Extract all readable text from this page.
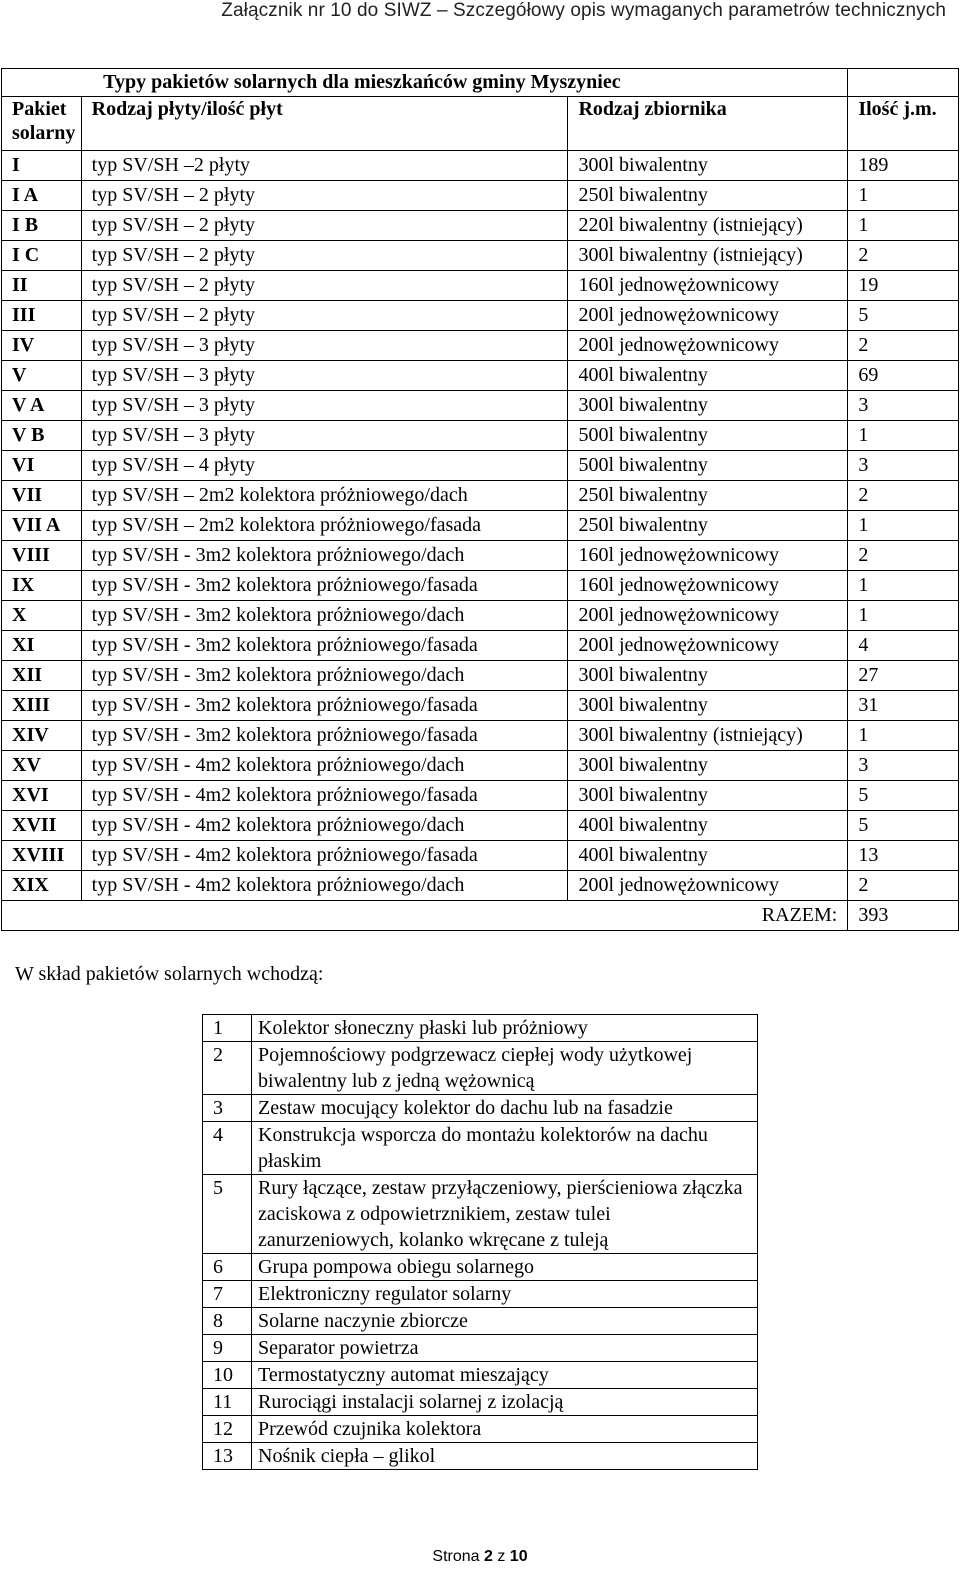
Załącznik nr 10 do SIWZ – Szczegółowy opis wymaganych parametrów technicznych
	Typy pakietów solarnych dla mieszkańców gminy Myszyniec		
Pakiet solarny	Rodzaj płyty/ilość płyt	Rodzaj zbiornika	Ilość j.m.
I	typ SV/SH –2 płyty	300l biwalentny	189
I A	typ SV/SH – 2 płyty	250l biwalentny	1
I B	typ SV/SH – 2 płyty	220l biwalentny (istniejący)	1
I C	typ SV/SH – 2 płyty	300l biwalentny (istniejący)	2
II	typ SV/SH – 2 płyty	160l jednowężownicowy	19
III	typ SV/SH – 2 płyty	200l jednowężownicowy	5
IV	typ SV/SH – 3 płyty	200l jednowężownicowy	2
V	typ SV/SH – 3 płyty	400l biwalentny	69
V A	typ SV/SH – 3 płyty	300l biwalentny	3
V B	typ SV/SH – 3 płyty	500l biwalentny	1
VI	typ SV/SH – 4 płyty	500l biwalentny	3
VII	typ SV/SH – 2m2 kolektora próżniowego/dach	250l biwalentny	2
VII A	typ SV/SH – 2m2 kolektora próżniowego/fasada	250l biwalentny	1
VIII	typ SV/SH - 3m2 kolektora próżniowego/dach	160l jednowężownicowy	2
IX	typ SV/SH - 3m2 kolektora próżniowego/fasada	160l jednowężownicowy	1
X	typ SV/SH - 3m2 kolektora próżniowego/dach	200l jednowężownicowy	1
XI	typ SV/SH - 3m2 kolektora próżniowego/fasada	200l jednowężownicowy	4
XII	typ SV/SH - 3m2 kolektora próżniowego/dach	300l biwalentny	27
XIII	typ SV/SH - 3m2 kolektora próżniowego/fasada	300l biwalentny	31
XIV	typ SV/SH - 3m2 kolektora próżniowego/fasada	300l biwalentny (istniejący)	1
XV	typ SV/SH - 4m2 kolektora próżniowego/dach	300l biwalentny	3
XVI	typ SV/SH - 4m2 kolektora próżniowego/fasada	300l biwalentny	5
XVII	typ SV/SH - 4m2 kolektora próżniowego/dach	400l biwalentny	5
XVIII	typ SV/SH - 4m2 kolektora próżniowego/fasada	400l biwalentny	13
XIX	typ SV/SH - 4m2 kolektora próżniowego/dach	200l jednowężownicowy	2
RAZEM:			393
W skład pakietów solarnych wchodzą:
1	Kolektor słoneczny płaski lub próżniowy
2	Pojemnościowy podgrzewacz ciepłej wody użytkowej biwalentny lub z jedną wężownicą
3	Zestaw mocujący kolektor do dachu lub na fasadzie
4	Konstrukcja wsporcza do montażu kolektorów na dachu płaskim
5	Rury łączące, zestaw przyłączeniowy, pierścieniowa złączka zaciskowa z odpowietrznikiem, zestaw tulei zanurzeniowych, kolanko wkręcane z tuleją
6	Grupa pompowa obiegu solarnego
7	Elektroniczny regulator solarny
8	Solarne naczynie zbiorcze
9	Separator powietrza
10	Termostatyczny automat mieszający
11	Rurociągi instalacji solarnej z izolacją
12	Przewód czujnika kolektora
13	Nośnik ciepła – glikol
Strona 2 z 10
